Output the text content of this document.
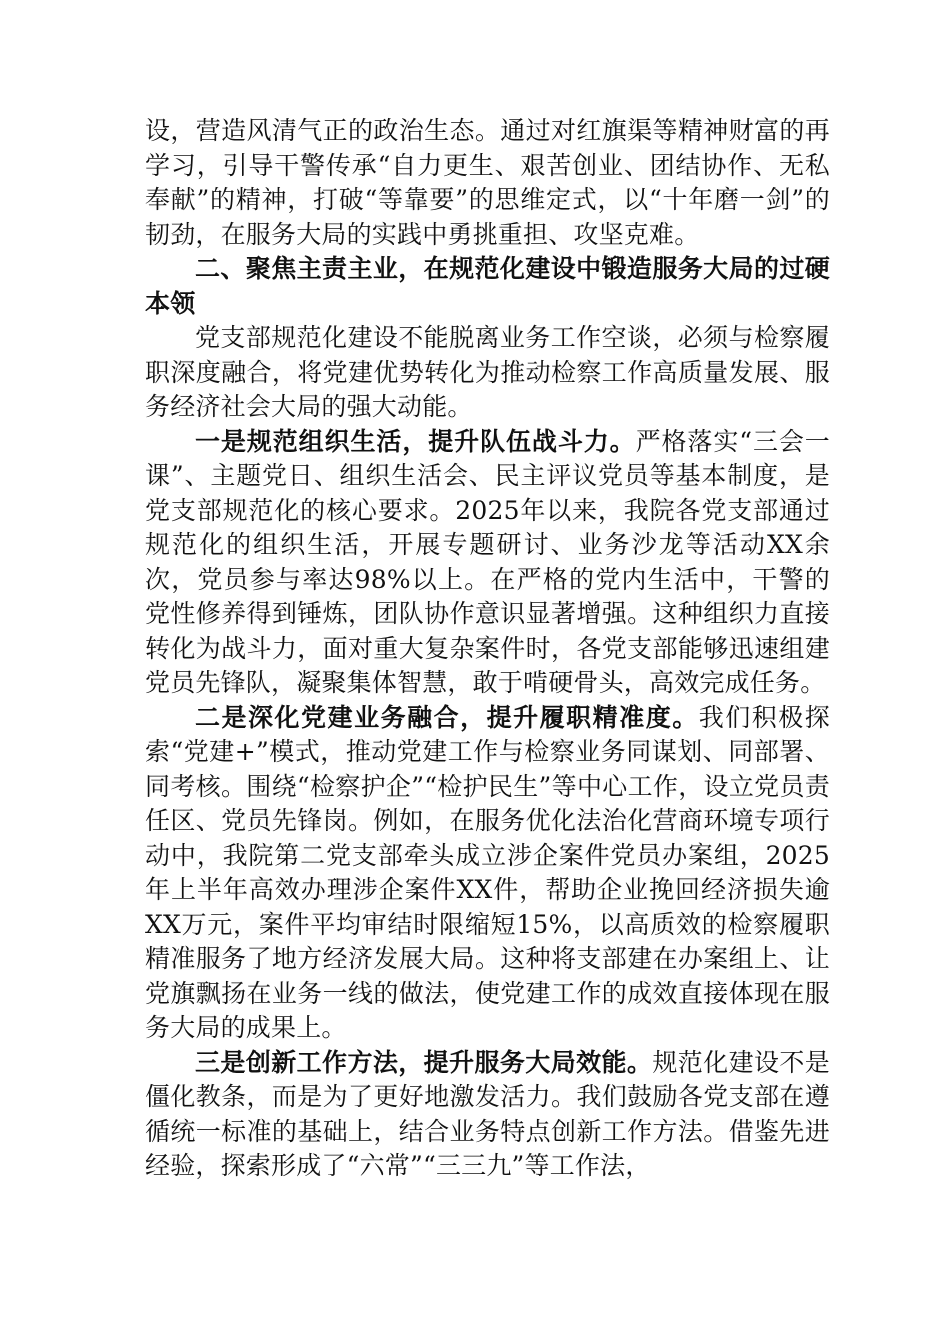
设，营造风清气正的政治生态。通过对红旗渠等精神财富的再学习，引导干警传承“自力更生、艰苦创业、团结协作、无私奉献”的精神，打破“等靠要”的思维定式，以“十年磨一剑”的韧劲，在服务大局的实践中勇挑重担、攻坚克难。

二、聚焦主责主业，在规范化建设中锻造服务大局的过硬本领

党支部规范化建设不能脱离业务工作空谈，必须与检察履职深度融合，将党建优势转化为推动检察工作高质量发展、服务经济社会大局的强大动能。

一是规范组织生活，提升队伍战斗力。严格落实“三会一课”、主题党日、组织生活会、民主评议党员等基本制度，是党支部规范化的核心要求。2025年以来，我院各党支部通过规范化的组织生活，开展专题研讨、业务沙龙等活动XX余次，党员参与率达98%以上。在严格的党内生活中，干警的党性修养得到锤炼，团队协作意识显著增强。这种组织力直接转化为战斗力，面对重大复杂案件时，各党支部能够迅速组建党员先锋队，凝聚集体智慧，敢于啃硬骨头，高效完成任务。

二是深化党建业务融合，提升履职精准度。我们积极探索“党建+”模式，推动党建工作与检察业务同谋划、同部署、同考核。围绕“检察护企”“检护民生”等中心工作，设立党员责任区、党员先锋岗。例如，在服务优化法治化营商环境专项行动中，我院第二党支部牵头成立涉企案件党员办案组，2025年上半年高效办理涉企案件XX件，帮助企业挽回经济损失逾XX万元，案件平均审结时限缩短15%，以高质效的检察履职精准服务了地方经济发展大局。这种将支部建在办案组上、让党旗飘扬在业务一线的做法，使党建工作的成效直接体现在服务大局的成果上。

三是创新工作方法，提升服务大局效能。规范化建设不是僵化教条，而是为了更好地激发活力。我们鼓励各党支部在遵循统一标准的基础上，结合业务特点创新工作方法。借鉴先进经验，探索形成了“六常”“三三九”等工作法，
